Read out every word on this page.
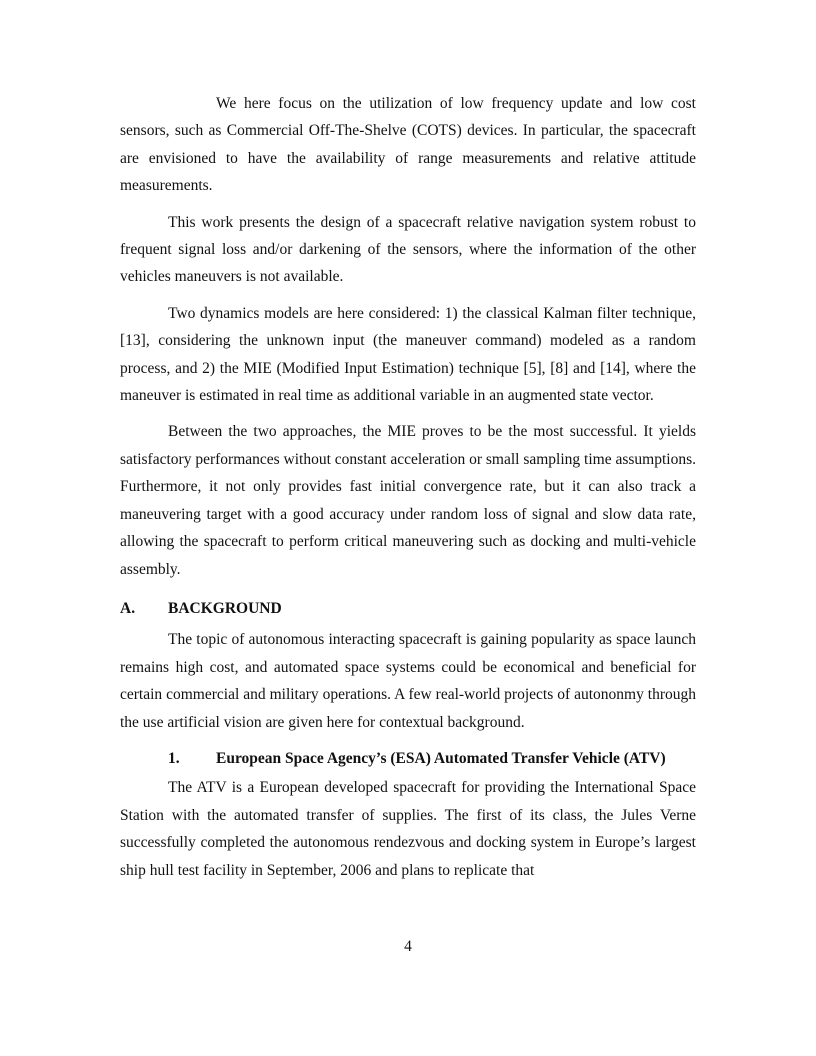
We here focus on the utilization of low frequency update and low cost sensors, such as Commercial Off-The-Shelve (COTS) devices. In particular, the spacecraft are envisioned to have the availability of range measurements and relative attitude measurements.

This work presents the design of a spacecraft relative navigation system robust to frequent signal loss and/or darkening of the sensors, where the information of the other vehicles maneuvers is not available.

Two dynamics models are here considered: 1) the classical Kalman filter technique, [13], considering the unknown input (the maneuver command) modeled as a random process, and 2) the MIE (Modified Input Estimation) technique [5], [8] and [14], where the maneuver is estimated in real time as additional variable in an augmented state vector.

Between the two approaches, the MIE proves to be the most successful. It yields satisfactory performances without constant acceleration or small sampling time assumptions. Furthermore, it not only provides fast initial convergence rate, but it can also track a maneuvering target with a good accuracy under random loss of signal and slow data rate, allowing the spacecraft to perform critical maneuvering such as docking and multi-vehicle assembly.

A.	BACKGROUND

The topic of autonomous interacting spacecraft is gaining popularity as space launch remains high cost, and automated space systems could be economical and beneficial for certain commercial and military operations. A few real-world projects of autononmy through the use artificial vision are given here for contextual background.

1.	European Space Agency’s (ESA) Automated Transfer Vehicle (ATV)

The ATV is a European developed spacecraft for providing the International Space Station with the automated transfer of supplies. The first of its class, the Jules Verne successfully completed the autonomous rendezvous and docking system in Europe’s largest ship hull test facility in September, 2006 and plans to replicate that

4
